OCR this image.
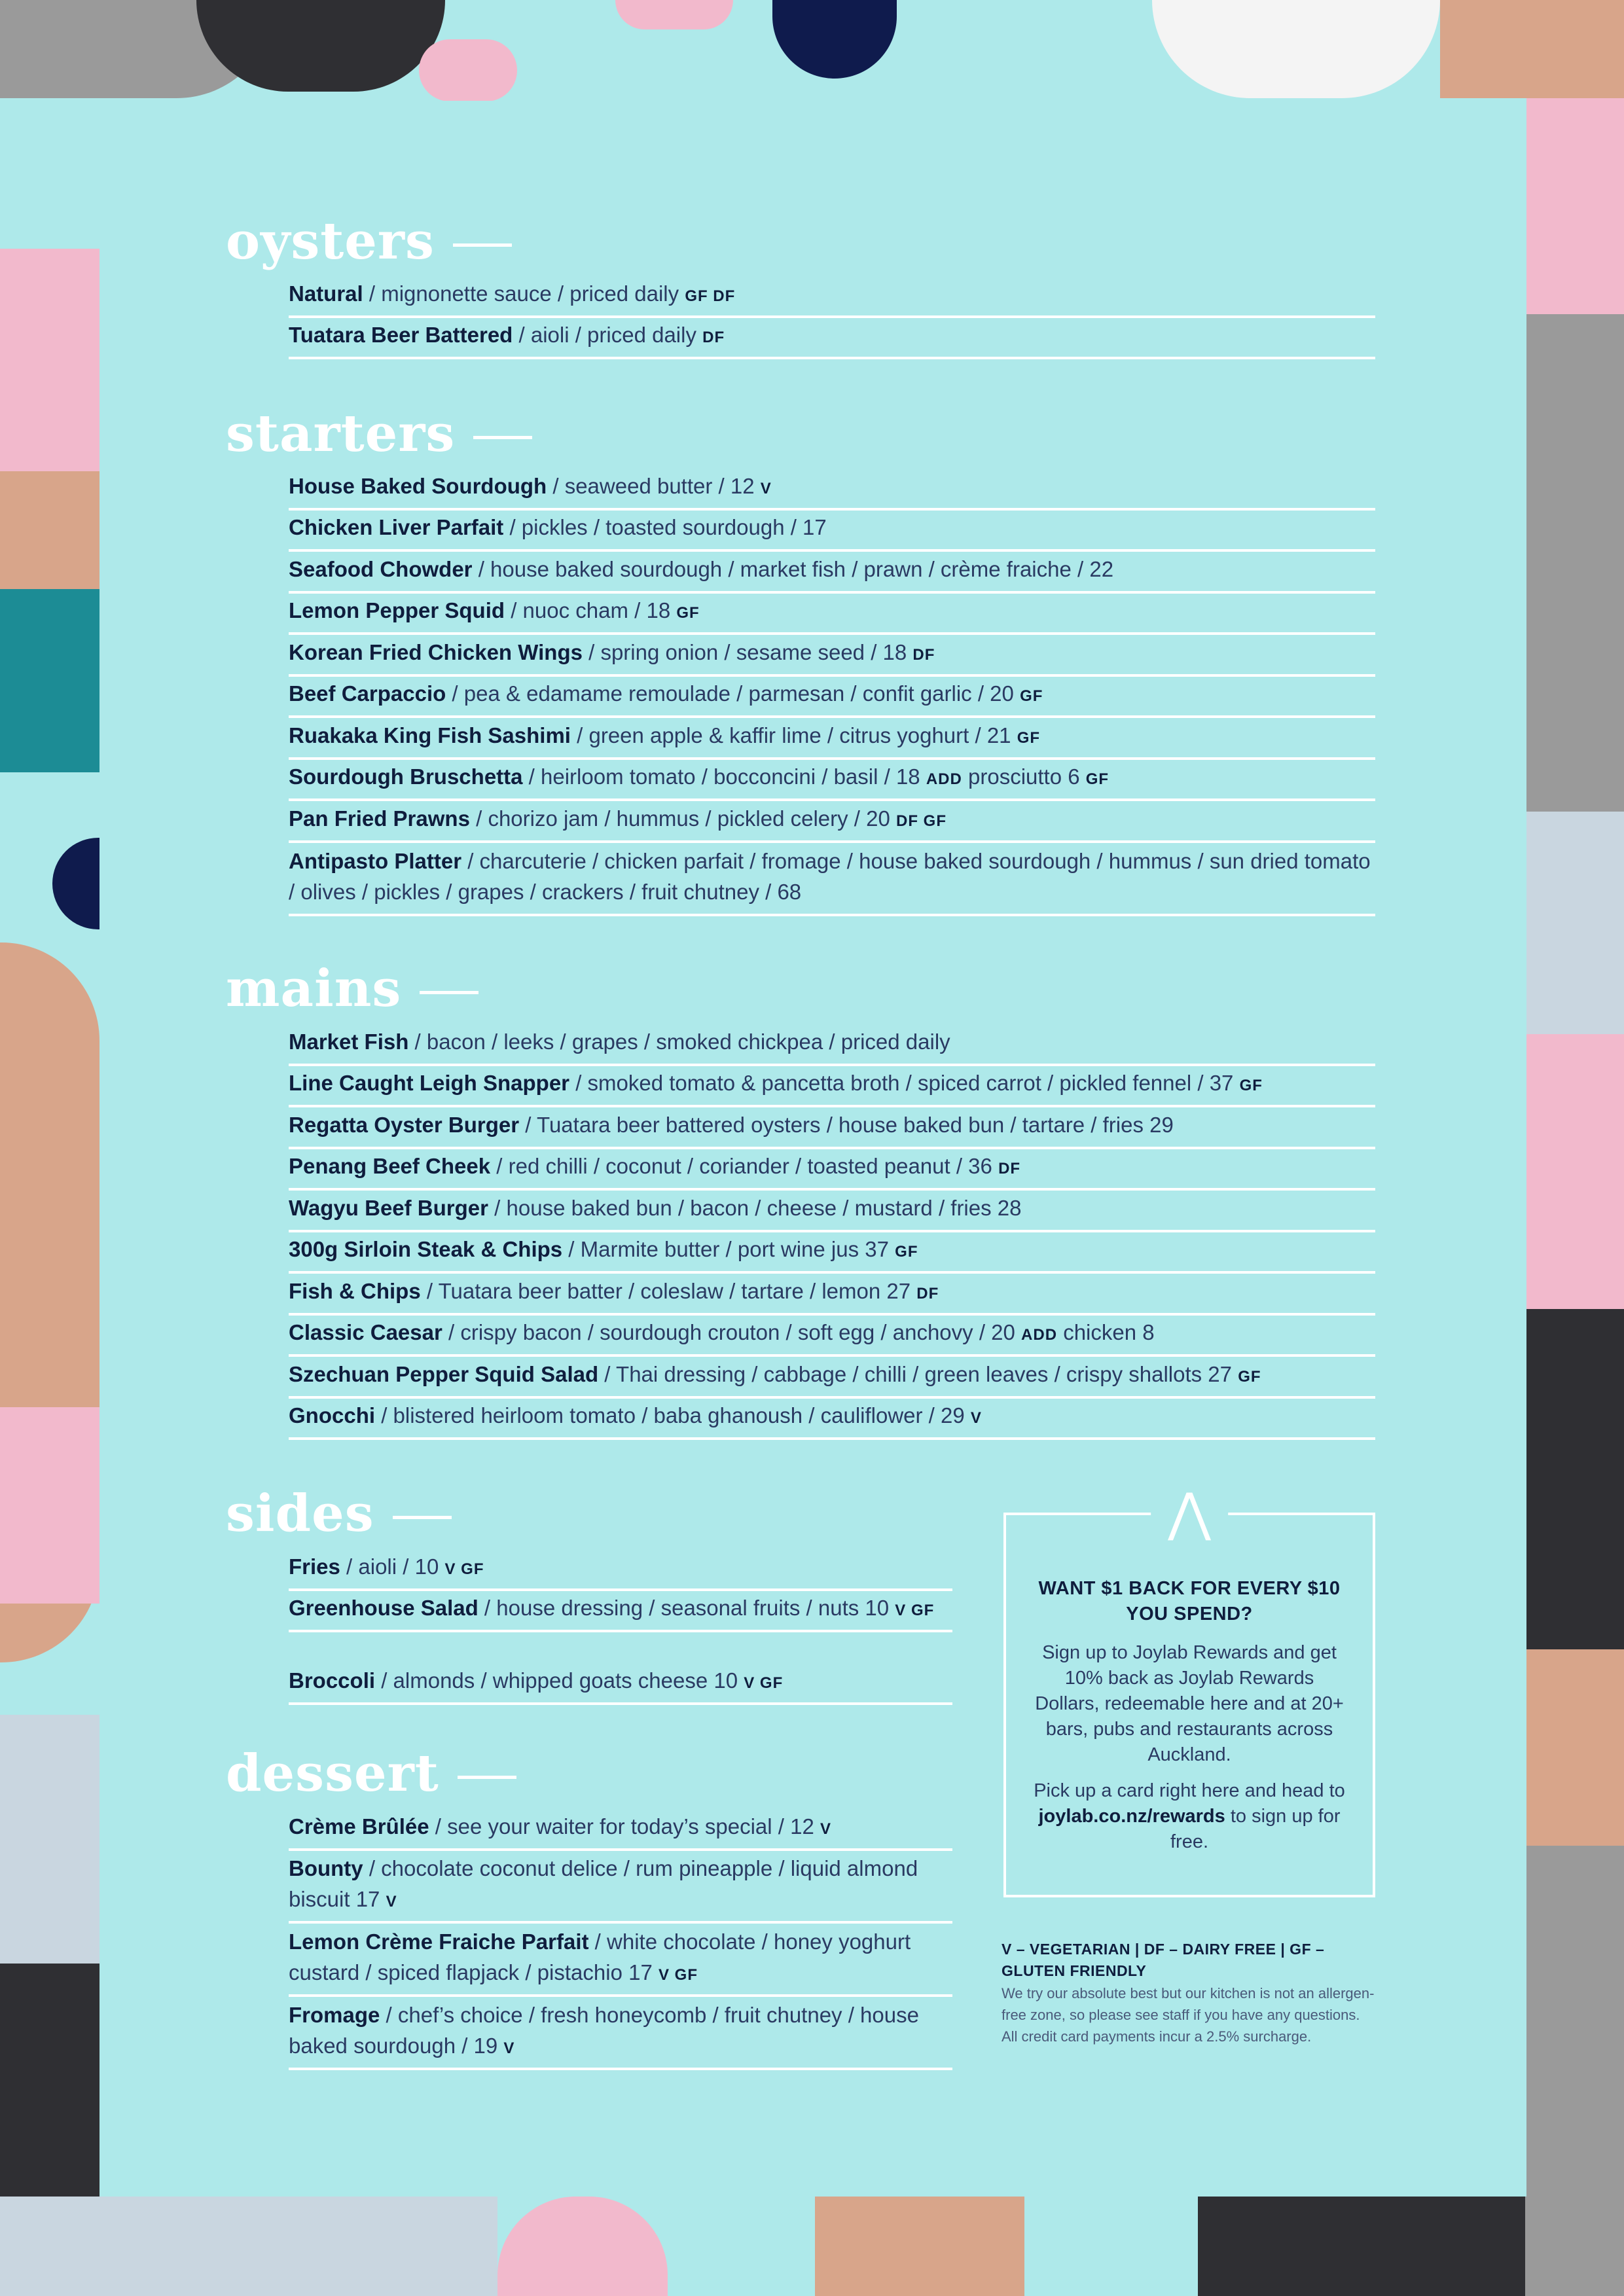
oysters
Natural / mignonette sauce / priced daily GF DF
Tuatara Beer Battered / aioli / priced daily DF
starters
House Baked Sourdough / seaweed butter / 12 V
Chicken Liver Parfait / pickles / toasted sourdough / 17
Seafood Chowder / house baked sourdough / market fish / prawn / crème fraiche / 22
Lemon Pepper Squid / nuoc cham / 18 GF
Korean Fried Chicken Wings / spring onion / sesame seed / 18 DF
Beef Carpaccio / pea & edamame remoulade / parmesan / confit garlic / 20 GF
Ruakaka King Fish Sashimi / green apple & kaffir lime / citrus yoghurt / 21 GF
Sourdough Bruschetta / heirloom tomato / bocconcini / basil / 18 ADD prosciutto 6 GF
Pan Fried Prawns / chorizo jam / hummus / pickled celery / 20 DF GF
Antipasto Platter / charcuterie / chicken parfait / fromage / house baked sourdough / hummus / sun dried tomato / olives / pickles / grapes / crackers / fruit chutney / 68
mains
Market Fish / bacon / leeks / grapes / smoked chickpea / priced daily
Line Caught Leigh Snapper / smoked tomato & pancetta broth / spiced carrot / pickled fennel / 37 GF
Regatta Oyster Burger / Tuatara beer battered oysters / house baked bun / tartare / fries 29
Penang Beef Cheek / red chilli / coconut / coriander / toasted peanut / 36 DF
Wagyu Beef Burger / house baked bun / bacon / cheese / mustard / fries 28
300g Sirloin Steak & Chips / Marmite butter / port wine jus 37 GF
Fish & Chips / Tuatara beer batter / coleslaw / tartare / lemon 27 DF
Classic Caesar / crispy bacon / sourdough crouton / soft egg / anchovy / 20 ADD chicken 8
Szechuan Pepper Squid Salad / Thai dressing / cabbage / chilli / green leaves / crispy shallots 27 GF
Gnocchi / blistered heirloom tomato / baba ghanoush / cauliflower / 29 V
sides
Fries / aioli / 10 V GF
Greenhouse Salad / house dressing / seasonal fruits / nuts 10 V GF
Broccoli / almonds / whipped goats cheese 10 V GF
dessert
Crème Brûlée / see your waiter for today’s special / 12 V
Bounty / chocolate coconut delice / rum pineapple / liquid almond biscuit 17 V
Lemon Crème Fraiche Parfait / white chocolate / honey yoghurt custard / spiced flapjack / pistachio 17 V GF
Fromage / chef’s choice / fresh honeycomb / fruit chutney / house baked sourdough / 19 V
⋀
WANT $1 BACK FOR EVERY $10 YOU SPEND?
Sign up to Joylab Rewards and get 10% back as Joylab Rewards Dollars, redeemable here and at 20+ bars, pubs and restaurants across Auckland.
Pick up a card right here and head to joylab.co.nz/rewards to sign up for free.
V – VEGETARIAN | DF – DAIRY FREE | GF – GLUTEN FRIENDLY
We try our absolute best but our kitchen is not an allergen-free zone, so please see staff if you have any questions. All credit card payments incur a 2.5% surcharge.
